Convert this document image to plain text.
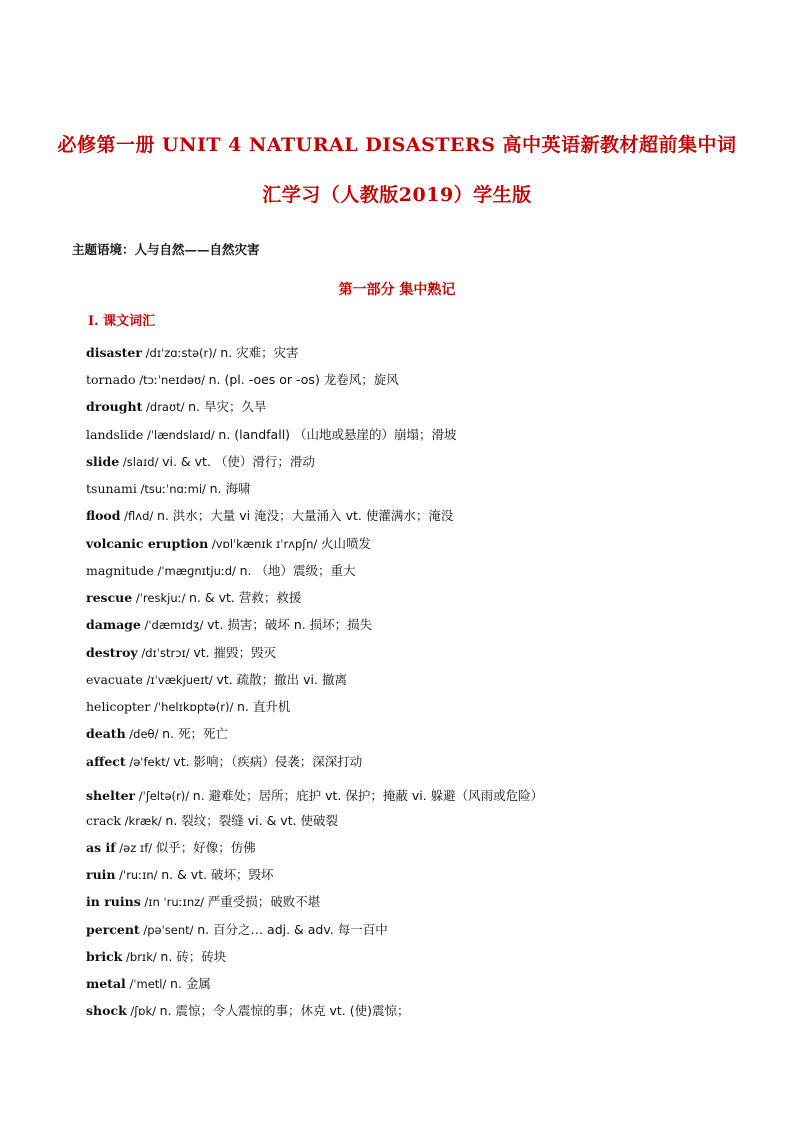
必修第一册 UNIT 4 NATURAL DISASTERS 高中英语新教材超前集中词
汇学习（人教版2019）学生版
主题语境：人与自然——自然灾害
第一部分 集中熟记
Ⅰ. 课文词汇
disaster /dɪˈzɑːstə(r)/ n. 灾难；灾害
tornado /tɔːˈneɪdəʊ/ n. (pl. -oes or -os) 龙卷风；旋风
drought /draʊt/ n. 旱灾；久旱
landslide /ˈlændslaɪd/ n. (landfall) （山地或悬崖的）崩塌；滑坡
slide /slaɪd/ vi. & vt. （使）滑行；滑动
tsunami /tsuːˈnɑːmi/ n. 海啸
flood /flʌd/ n. 洪水；大量 vi 淹没；大量涌入 vt. 使灌满水；淹没
volcanic eruption /vɒlˈkænɪk ɪˈrʌpʃn/ 火山喷发
magnitude /ˈmæɡnɪtjuːd/ n. （地）震级；重大
rescue /ˈreskjuː/ n. & vt. 营救；救援
damage /ˈdæmɪdʒ/ vt. 损害；破坏 n. 损坏；损失
destroy /dɪˈstrɔɪ/ vt. 摧毁；毁灭
evacuate /ɪˈvækjueɪt/ vt. 疏散；撤出 vi. 撤离
helicopter /ˈhelɪkɒptə(r)/ n. 直升机
death /deθ/ n. 死；死亡
affect /əˈfekt/ vt. 影响；（疾病）侵袭；深深打动
shelter /ˈʃeltə(r)/ n. 避难处；居所；庇护 vt. 保护；掩蔽 vi. 躲避（风雨或危险）
crack /kræk/ n. 裂纹；裂缝 vi. & vt. 使破裂
as if /əz ɪf/ 似乎；好像；仿佛
ruin /ˈruːɪn/ n. & vt. 破坏；毁坏
in ruins /ɪn ˈruːɪnz/ 严重受损；破败不堪
percent /pəˈsent/ n. 百分之… adj. & adv. 每一百中
brick /brɪk/ n. 砖；砖块
metal /ˈmetl/ n. 金属
shock /ʃɒk/ n. 震惊；令人震惊的事；休克 vt. (使)震惊；
